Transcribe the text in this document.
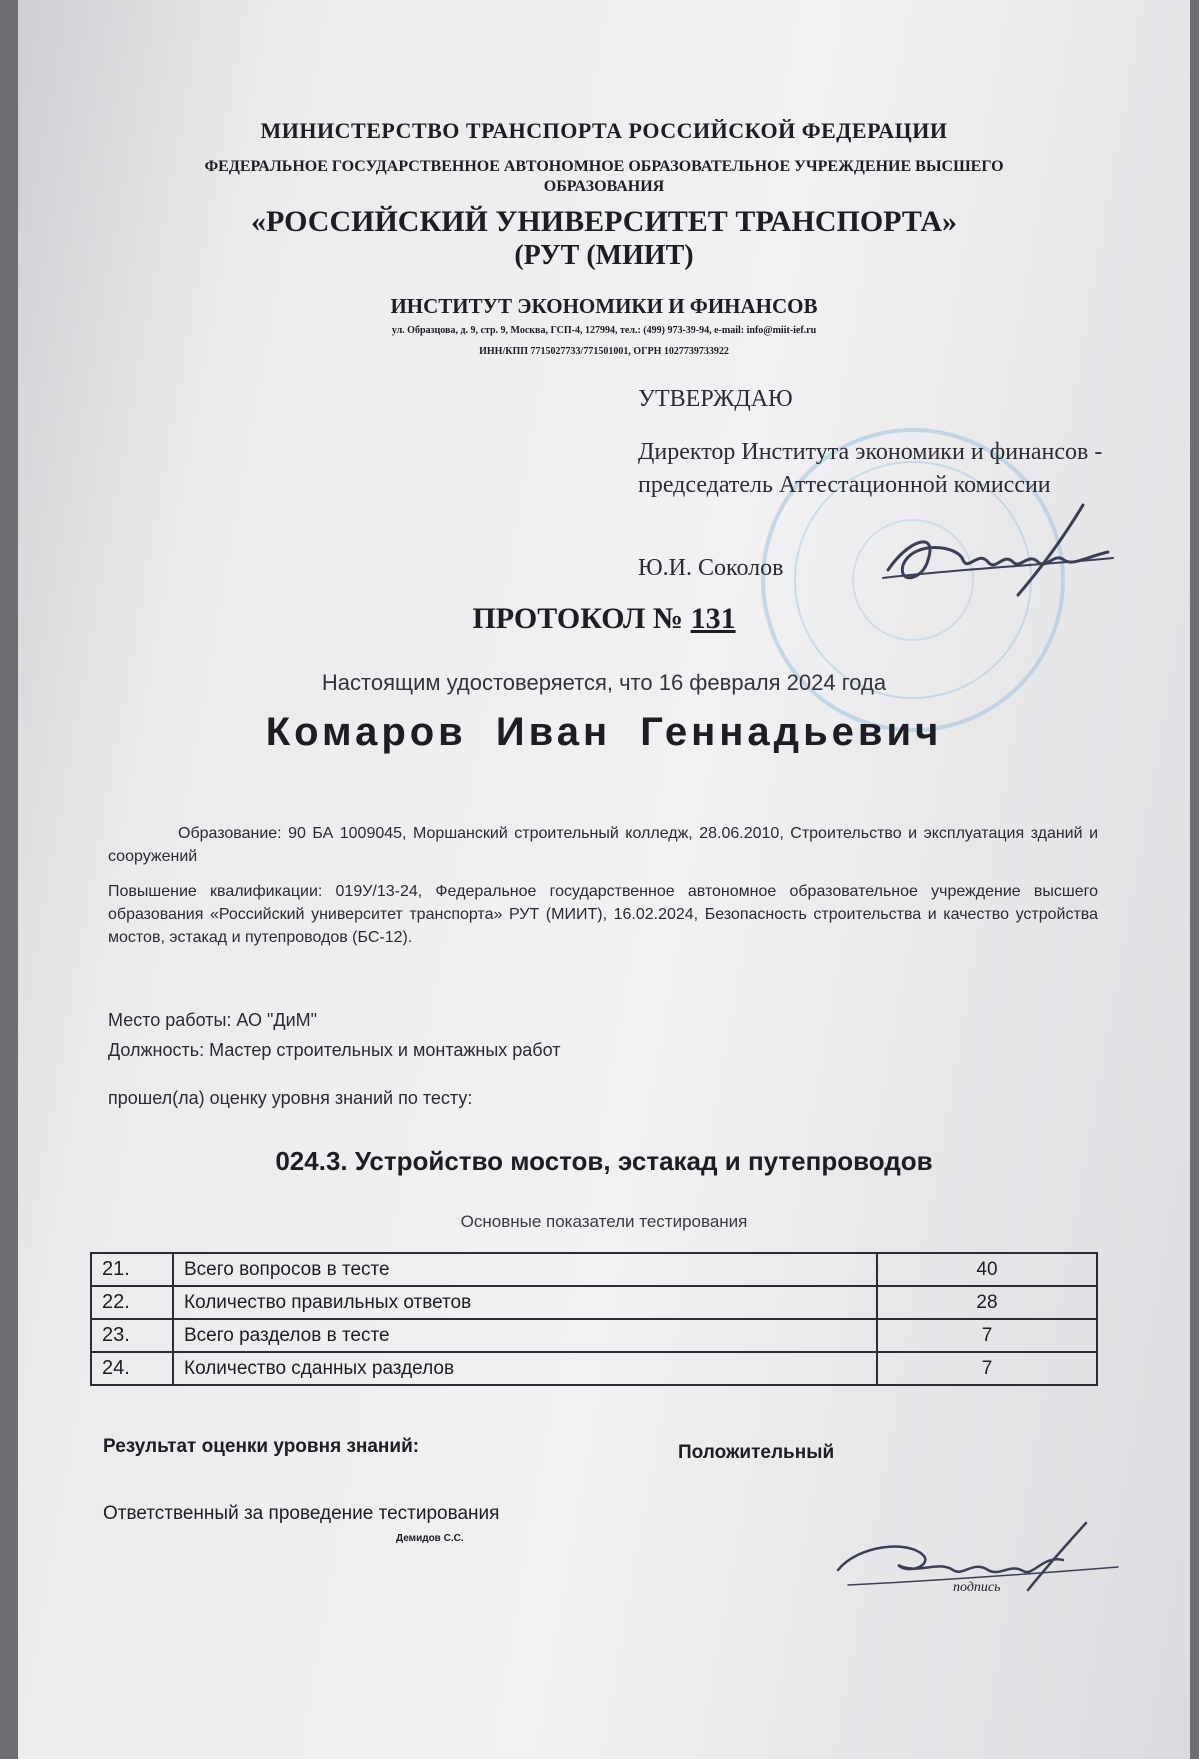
МИНИСТЕРСТВО ТРАНСПОРТА РОССИЙСКОЙ ФЕДЕРАЦИИ
ФЕДЕРАЛЬНОЕ ГОСУДАРСТВЕННОЕ АВТОНОМНОЕ ОБРАЗОВАТЕЛЬНОЕ УЧРЕЖДЕНИЕ ВЫСШЕГО ОБРАЗОВАНИЯ
«РОССИЙСКИЙ УНИВЕРСИТЕТ ТРАНСПОРТА»
(РУТ (МИИТ)
ИНСТИТУТ ЭКОНОМИКИ И ФИНАНСОВ
ул. Образцова, д. 9, стр. 9, Москва, ГСП-4, 127994, тел.: (499) 973-39-94, e-mail: info@miit-ief.ru
ИНН/КПП 7715027733/771501001, ОГРН 1027739733922
УТВЕРЖДАЮ
Директор Института экономики и финансов - председатель Аттестационной комиссии
Ю.И. Соколов
ПРОТОКОЛ № 131
Настоящим удостоверяется, что 16 февраля 2024 года
Комаров Иван Геннадьевич
Образование: 90 БА 1009045, Моршанский строительный колледж, 28.06.2010, Строительство и эксплуатация зданий и сооружений
Повышение квалификации: 019У/13-24, Федеральное государственное автономное образовательное учреждение высшего образования «Российский университет транспорта» РУТ (МИИТ), 16.02.2024, Безопасность строительства и качество устройства мостов, эстакад и путепроводов (БС-12).
Место работы: АО "ДиМ"
Должность: Мастер строительных и монтажных работ
прошел(ла) оценку уровня знаний по тесту:
024.3. Устройство мостов, эстакад и путепроводов
Основные показатели тестирования
21.	Всего вопросов в тесте	40
22.	Количество правильных ответов	28
23.	Всего разделов в тесте	7
24.	Количество сданных разделов	7
Результат оценки уровня знаний:	Положительный
Ответственный за проведение тестирования
Демидов С.С.
подпись
